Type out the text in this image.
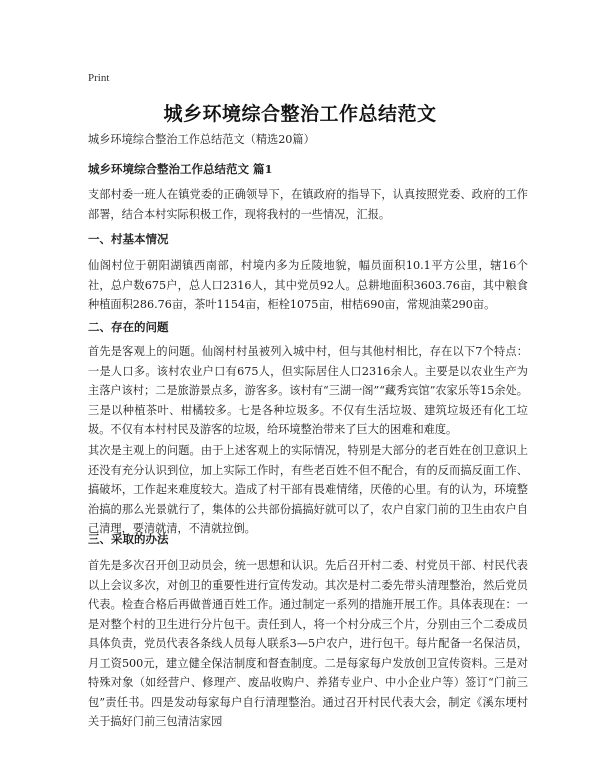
Print
城乡环境综合整治工作总结范文
城乡环境综合整治工作总结范文（精选20篇）
城乡环境综合整治工作总结范文 篇1

支部村委一班人在镇党委的正确领导下，在镇政府的指导下，认真按照党委、政府的工作部署，结合本村实际积极工作，现将我村的一些情况，汇报。

一、村基本情况

仙阁村位于朝阳湖镇西南部，村境内多为丘陵地貌，幅员面积10.1平方公里，辖16个社，总户数675户，总人口2316人，其中党员92人。总耕地面积3603.76亩，其中粮食种植面积286.76亩，茶叶1154亩，柜栓1075亩，柑桔690亩，常规油菜290亩。

二、存在的问题

首先是客观上的问题。仙阁村村虽被列入城中村，但与其他村相比，存在以下7个特点：一是人口多。该村农业户口有675人，但实际居住人口2316余人。主要是以农业生产为主落户该村；二是旅游景点多，游客多。该村有“三湖一阁”“藏秀宾馆”农家乐等15余处。三是以种植茶叶、柑橘较多。七是各种垃圾多。不仅有生活垃圾、建筑垃圾还有化工垃圾。不仅有本村村民及游客的垃圾，给环境整治带来了巨大的困难和难度。

其次是主观上的问题。由于上述客观上的实际情况，特别是大部分的老百姓在创卫意识上还没有充分认识到位，加上实际工作时，有些老百姓不但不配合，有的反而搞反面工作、搞破坏，工作起来难度较大。造成了村干部有畏难情绪，厌倦的心里。有的认为，环境整治搞的那么光景就行了，集体的公共部份搞搞好就可以了，农户自家门前的卫生由农户自己清理，要清就清，不清就拉倒。

三、采取的办法

首先是多次召开创卫动员会，统一思想和认识。先后召开村二委、村党员干部、村民代表以上会议多次，对创卫的重要性进行宣传发动。其次是村二委先带头清理整治，然后党员代表。检查合格后再做普通百姓工作。通过制定一系列的措施开展工作。具体表现在：一是对整个村的卫生进行分片包干。责任到人，将一个村分成三个片，分别由三个二委成员具体负责，党员代表各条线人员每人联系3—5户农户，进行包干。每片配备一名保洁员，月工资500元，建立健全保洁制度和督查制度。二是每家每户发放创卫宣传资料。三是对特殊对象（如经营户、修理产、废品收购户、养猪专业户、中小企业户等）签订“门前三包”责任书。四是发动每家每户自行清理整治。通过召开村民代表大会，制定《溪东埂村关于搞好门前三包清洁家园
